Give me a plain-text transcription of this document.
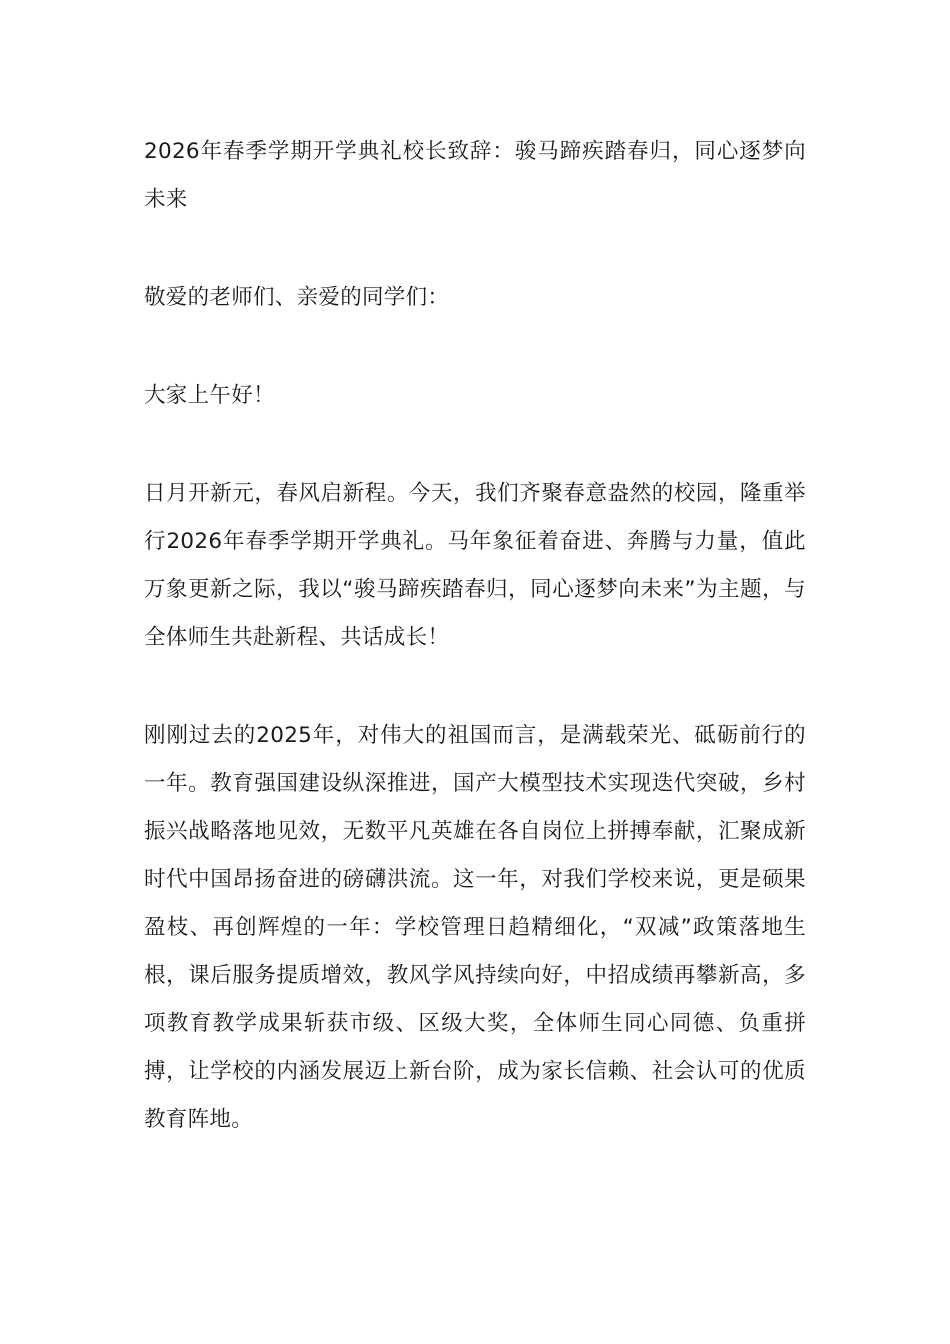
2026年春季学期开学典礼校长致辞：骏马蹄疾踏春归，同心逐梦向未来

敬爱的老师们、亲爱的同学们：

大家上午好！

日月开新元，春风启新程。今天，我们齐聚春意盎然的校园，隆重举行2026年春季学期开学典礼。马年象征着奋进、奔腾与力量，值此万象更新之际，我以“骏马蹄疾踏春归，同心逐梦向未来”为主题，与全体师生共赴新程、共话成长！

刚刚过去的2025年，对伟大的祖国而言，是满载荣光、砥砺前行的一年。教育强国建设纵深推进，国产大模型技术实现迭代突破，乡村振兴战略落地见效，无数平凡英雄在各自岗位上拼搏奉献，汇聚成新时代中国昂扬奋进的磅礴洪流。这一年，对我们学校来说，更是硕果盈枝、再创辉煌的一年：学校管理日趋精细化，“双减”政策落地生根，课后服务提质增效，教风学风持续向好，中招成绩再攀新高，多项教育教学成果斩获市级、区级大奖，全体师生同心同德、负重拼搏，让学校的内涵发展迈上新台阶，成为家长信赖、社会认可的优质教育阵地。
